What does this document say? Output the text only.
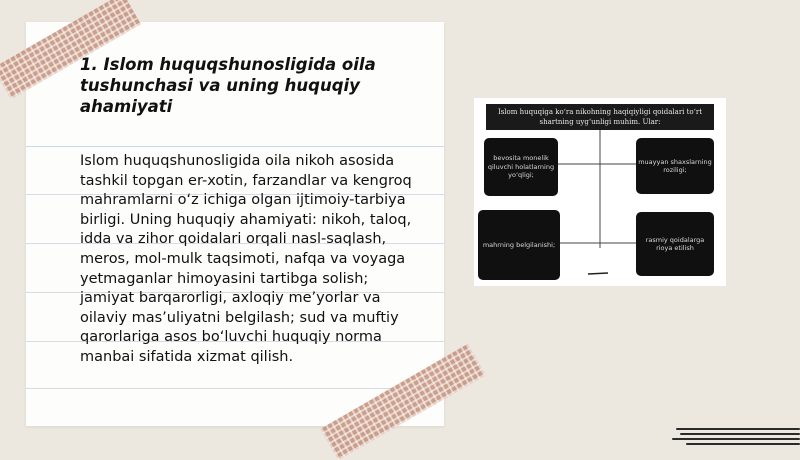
1. Islom huquqshunosligida oila tushunchasi va uning huquqiy ahamiyati
Islom huquqshunosligida oila nikoh asosida tashkil topgan er-xotin, farzandlar va kengroq mahramlarni o‘z ichiga olgan ijtimoiy-tarbiya birligi. Uning huquqiy ahamiyati: nikoh, taloq, idda va zihor qoidalari orqali nasl-saqlash, meros, mol-mulk taqsimoti, nafqa va voyaga yetmaganlar himoyasini tartibga solish; jamiyat barqarorligi, axloqiy me’yorlar va oilaviy mas’uliyatni belgilash; sud va muftiy qarorlariga asos bo‘luvchi huquqiy norma manbai sifatida xizmat qilish.
Islom huquqiga ko‘ra nikohning haqiqiyligi qoidalari to‘rt shartning uyg‘unligi muhim. Ular:
bevosita monelik qiluvchi holatlarning yo‘qligi;
muayyan shaxslarning roziligi;
mahrning belgilanishi;
rasmiy qoidalarga rioya etilish
